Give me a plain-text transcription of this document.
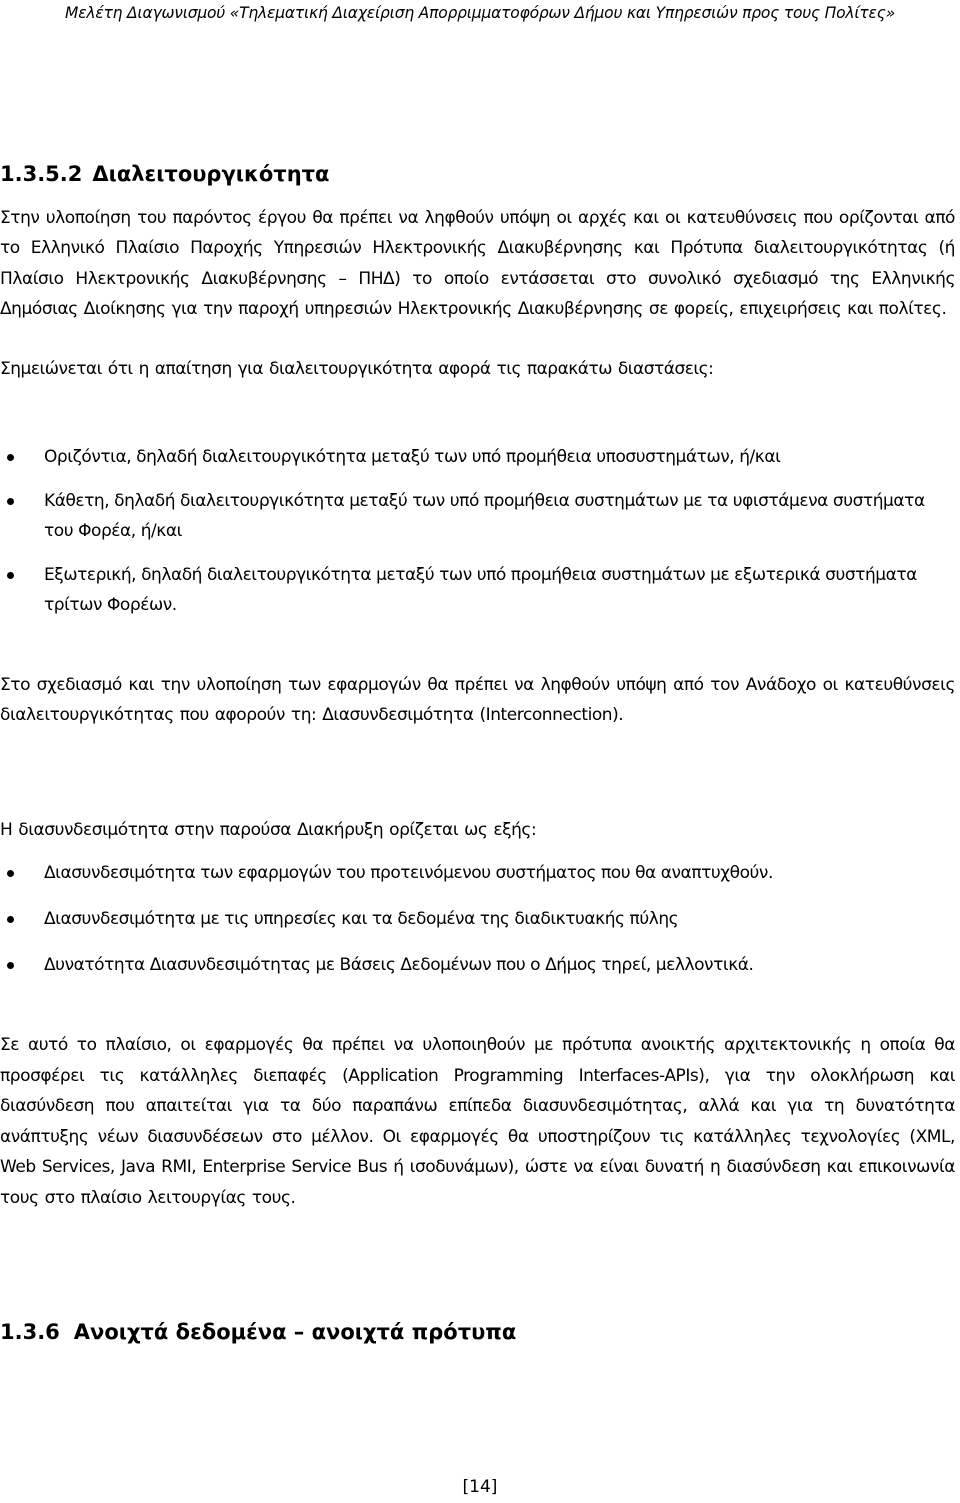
Μελέτη Διαγωνισμού «Τηλεματική Διαχείριση Απορριμματοφόρων Δήμου και Υπηρεσιών προς τους Πολίτες»
1.3.5.2 Διαλειτουργικότητα

Στην υλοποίηση του παρόντος έργου θα πρέπει να ληφθούν υπόψη οι αρχές και οι κατευθύνσεις που ορίζονται από το Ελληνικό Πλαίσιο Παροχής Υπηρεσιών Ηλεκτρονικής Διακυβέρνησης και Πρότυπα διαλειτουργικότητας (ή Πλαίσιο Ηλεκτρονικής Διακυβέρνησης – ΠΗΔ) το οποίο εντάσσεται στο συνολικό σχεδιασμό της Ελληνικής Δημόσιας Διοίκησης για την παροχή υπηρεσιών Ηλεκτρονικής Διακυβέρνησης σε φορείς, επιχειρήσεις και πολίτες.

Σημειώνεται ότι η απαίτηση για διαλειτουργικότητα αφορά τις παρακάτω διαστάσεις:

Οριζόντια, δηλαδή διαλειτουργικότητα μεταξύ των υπό προμήθεια υποσυστημάτων, ή/και
Κάθετη, δηλαδή διαλειτουργικότητα μεταξύ των υπό προμήθεια συστημάτων με τα υφιστάμενα συστήματα του Φορέα, ή/και
Εξωτερική, δηλαδή διαλειτουργικότητα μεταξύ των υπό προμήθεια συστημάτων με εξωτερικά συστήματα τρίτων Φορέων.

Στο σχεδιασμό και την υλοποίηση των εφαρμογών θα πρέπει να ληφθούν υπόψη από τον Ανάδοχο οι κατευθύνσεις διαλειτουργικότητας που αφορούν τη: Διασυνδεσιμότητα (Interconnection).

Η διασυνδεσιμότητα στην παρούσα Διακήρυξη ορίζεται ως εξής:

Διασυνδεσιμότητα των εφαρμογών του προτεινόμενου συστήματος που θα αναπτυχθούν.
Διασυνδεσιμότητα με τις υπηρεσίες και τα δεδομένα της διαδικτυακής πύλης
Δυνατότητα Διασυνδεσιμότητας με Βάσεις Δεδομένων που ο Δήμος τηρεί, μελλοντικά.

Σε αυτό το πλαίσιο, οι εφαρμογές θα πρέπει να υλοποιηθούν με πρότυπα ανοικτής αρχιτεκτονικής η οποία θα προσφέρει τις κατάλληλες διεπαφές (Application Programming Interfaces-APIs), για την ολοκλήρωση και διασύνδεση που απαιτείται για τα δύο παραπάνω επίπεδα διασυνδεσιμότητας, αλλά και για τη δυνατότητα ανάπτυξης νέων διασυνδέσεων στο μέλλον. Οι εφαρμογές θα υποστηρίζουν τις κατάλληλες τεχνολογίες (XML, Web Services, Java RMI, Enterprise Service Bus ή ισοδυνάμων), ώστε να είναι δυνατή η διασύνδεση και επικοινωνία τους στο πλαίσιο λειτουργίας τους.

1.3.6 Ανοιχτά δεδομένα – ανοιχτά πρότυπα
[14]
